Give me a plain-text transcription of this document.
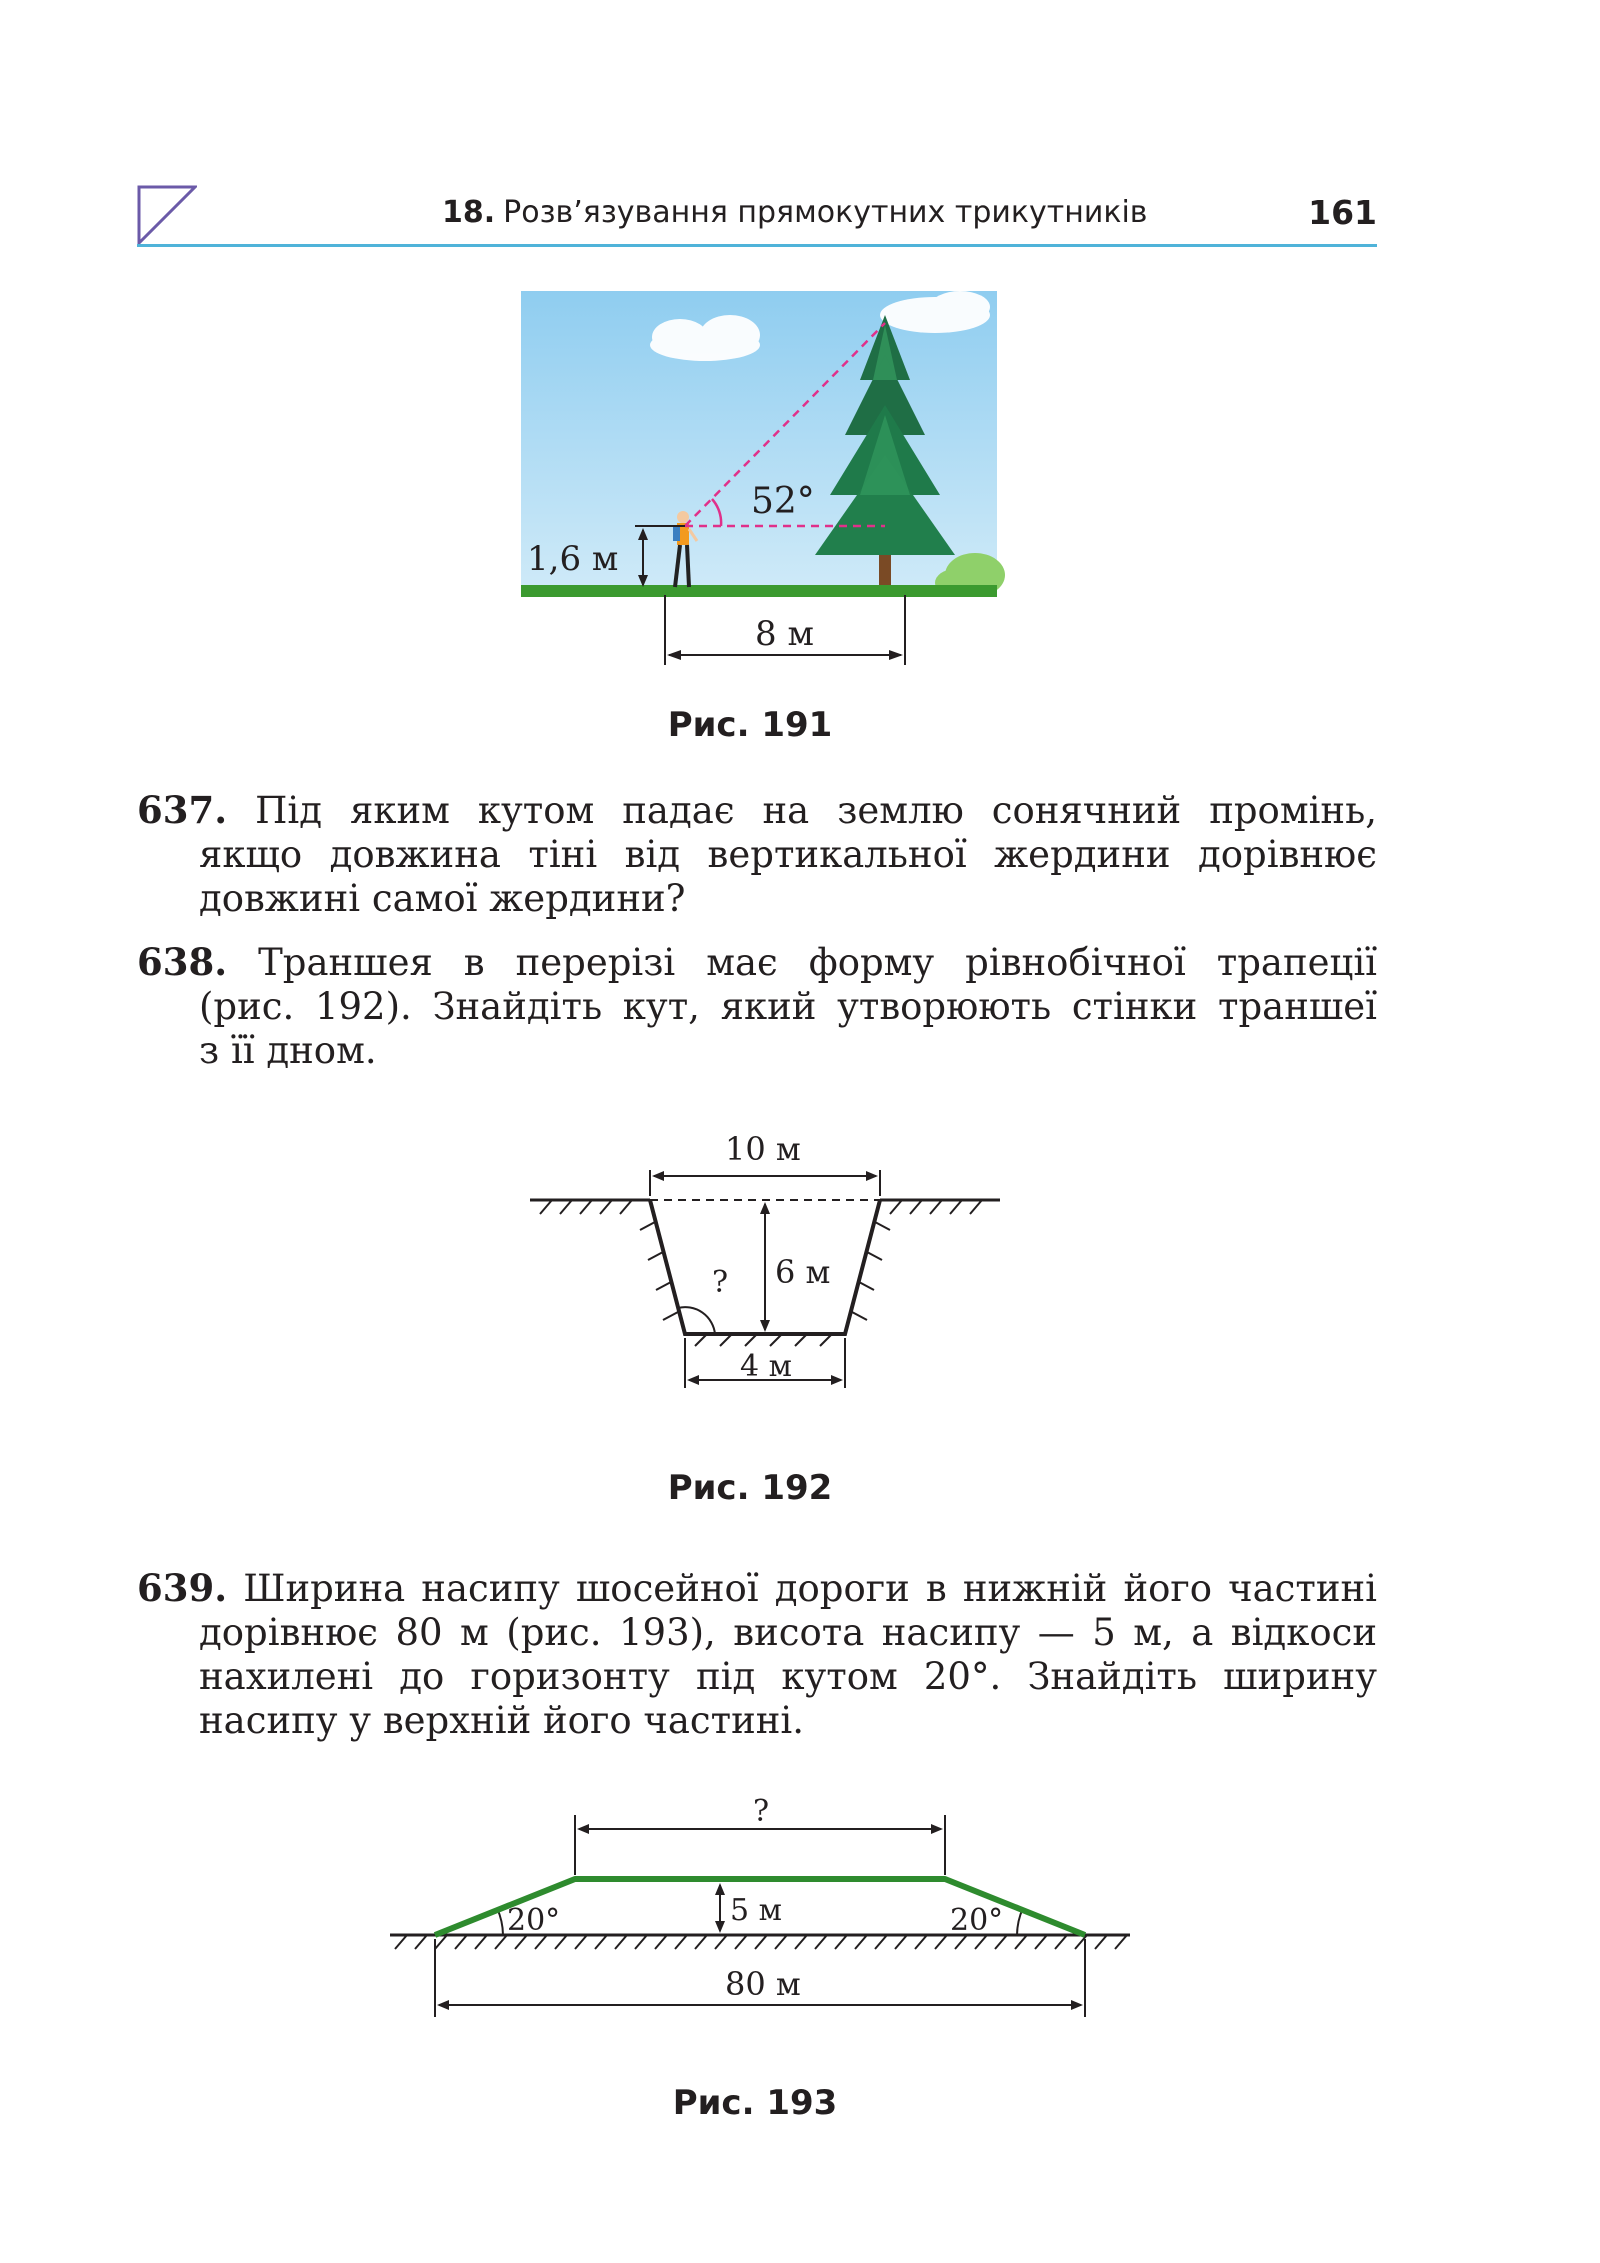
18. Розв’язування прямокутних трикутників	161
52°
1,6 м
8 м
Рис. 191
637. Під яким кутом падає на землю сонячний промінь,
якщо довжина тіні від вертикальної жердини дорівнює
довжині самої жердини?
638. Траншея в перерізі має форму рівнобічної трапеції
(рис. 192). Знайдіть кут, який утворюють стінки траншеї
з її дном.
10 м
6 м
?
4 м
Рис. 192
639. Ширина насипу шосейної дороги в нижній його частині
дорівнює 80 м (рис. 193), висота насипу — 5 м, а відкоси
нахилені до горизонту під кутом 20°. Знайдіть ширину
насипу у верхній його частині.
?
5 м
20°	20°
80 м
Рис. 193
